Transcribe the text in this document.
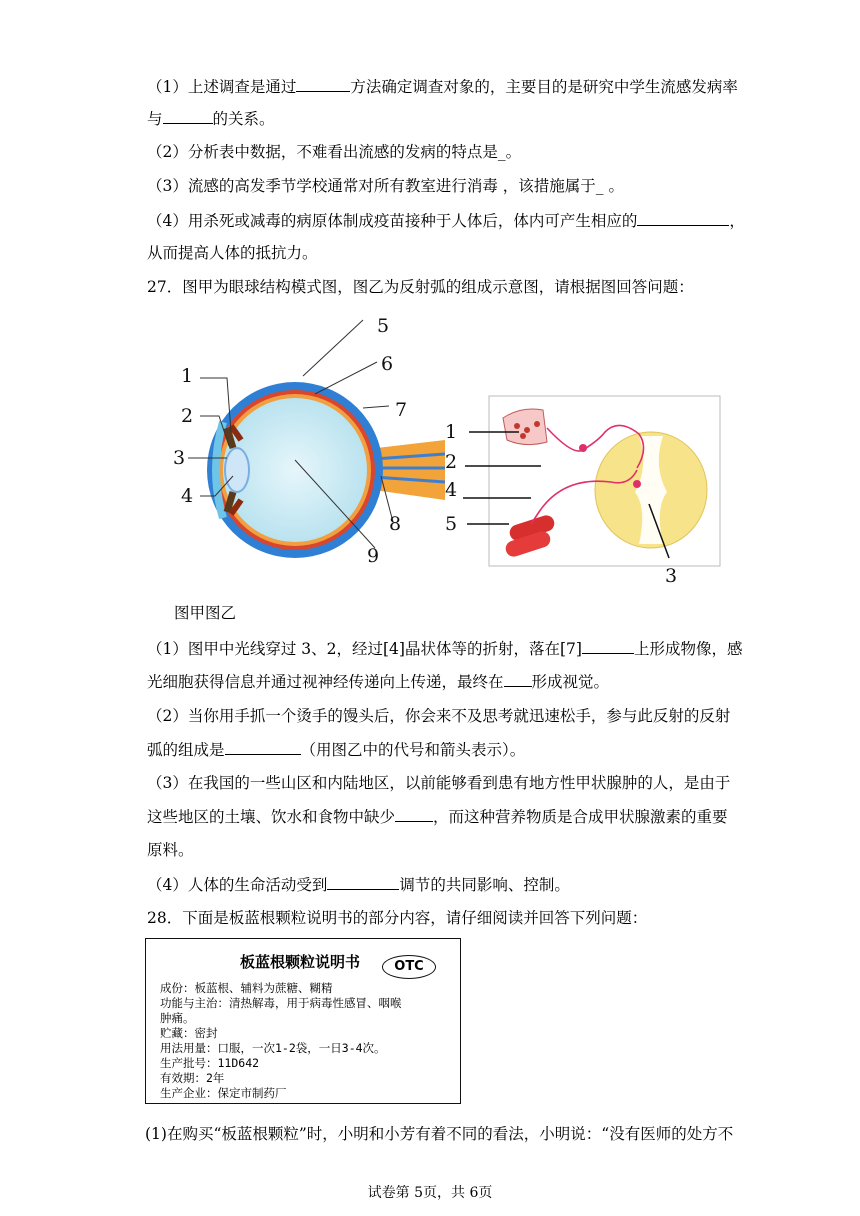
（1）上述调查是通过	方法确定调查对象的，主要目的是研究中学生流感发病率
与	的关系。
（2）分析表中数据，不难看出流感的发病的特点是_。
（3）流感的高发季节学校通常对所有教室进行消毒 ，该措施属于_ 。
（4）用杀死或减毒的病原体制成疫苗接种于人体后，体内可产生相应的	，
从而提高人体的抵抗力。
27．图甲为眼球结构模式图，图乙为反射弧的组成示意图，请根据图回答问题：
1
2
3
4
5
6
7
8
9
1
2
4
5
3
图甲图乙
（1）图甲中光线穿过 3、2，经过[4]晶状体等的折射，落在[7]	上形成物像，感
光细胞获得信息并通过视神经传递向上传递，最终在 形成视觉。
（2）当你用手抓一个烫手的馒头后，你会来不及思考就迅速松手，参与此反射的反射
弧的组成是	（用图乙中的代号和箭头表示）。
（3）在我国的一些山区和内陆地区，以前能够看到患有地方性甲状腺肿的人，是由于
这些地区的土壤、饮水和食物中缺少 ，而这种营养物质是合成甲状腺激素的重要
原料。
（4）人体的生命活动受到	调节的共同影响、控制。
28．下面是板蓝根颗粒说明书的部分内容，请仔细阅读并回答下列问题：
板蓝根颗粒说明书	OTC
成份：板蓝根、辅料为蔗糖、糊精
功能与主治：清热解毒，用于病毒性感冒、咽喉
肿痛。
贮藏：密封
用法用量：口服，一次1-2袋，一日3-4次。
生产批号：11D642
有效期：2年
生产企业：保定市制药厂
(1)在购买“板蓝根颗粒”时，小明和小芳有着不同的看法，小明说：“没有医师的处方不
试卷第 5页，共 6页
